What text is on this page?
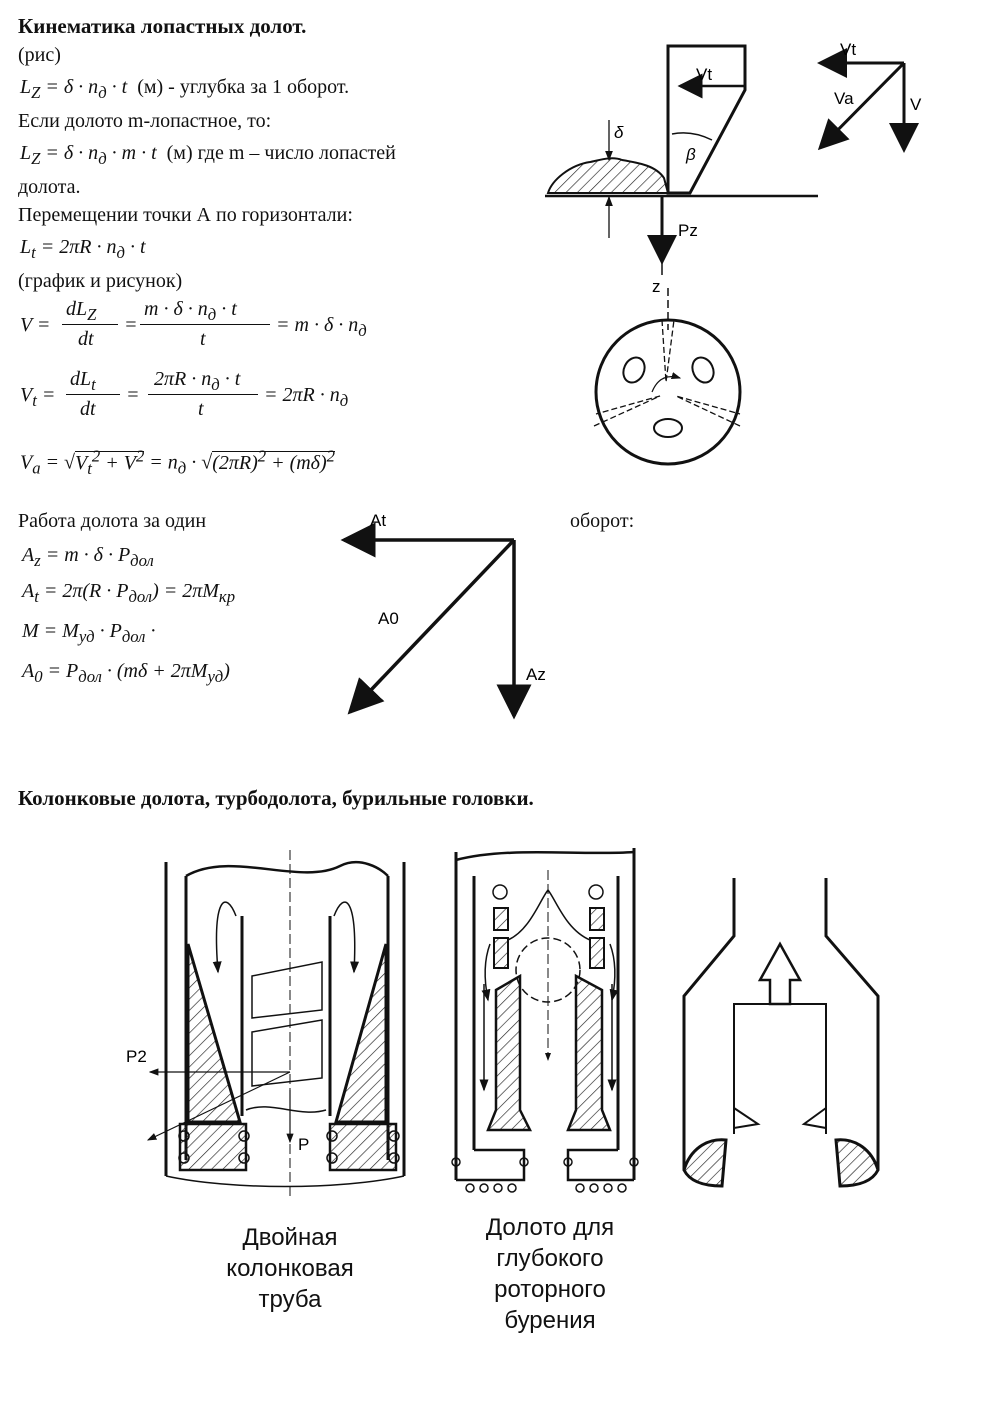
Кинематика лопастных долот.
(рис)
$L_Z = \delta \cdot n_д \cdot t$  (м) - углубка за 1 оборот.
Если долото m-лопастное, то:
$L_Z = \delta \cdot n_д \cdot m \cdot t$  (м) где m – число лопастей
долота.
Перемещении точки А по горизонтали:
$L_t = 2\pi R \cdot n_д \cdot t$
(график и рисунок)
V =
$dL_Z$
dt
=
$m \cdot \delta \cdot n_д \cdot t$
t
= $m \cdot \delta \cdot n_д$
$V_t$ =
$dL_t$
dt
=
$2\pi R \cdot n_д \cdot t$
t
= $2\pi R \cdot n_д$
$V_a = √V_t^2 + V^2 = n_д \cdot √(2\pi R)^2 + (m\delta)^2$
Работа долота за один	оборот:
$A_z = m \cdot \delta \cdot P_{дол}$
$A_t = 2\pi(R \cdot P_{дол}) = 2\pi M_{кр}$
$M = M_{уд} \cdot P_{дол}$ ·
$A_0 = P_{дол} \cdot (m\delta + 2\pi M_{уд})$
Колонковые долота, турбодолота, бурильные головки.
Двойная колонковая труба
Долото для глубокого роторного бурения
Vt
δ
β
Pz
z
Vt
Va	V
At
A0
Az
P2
P
